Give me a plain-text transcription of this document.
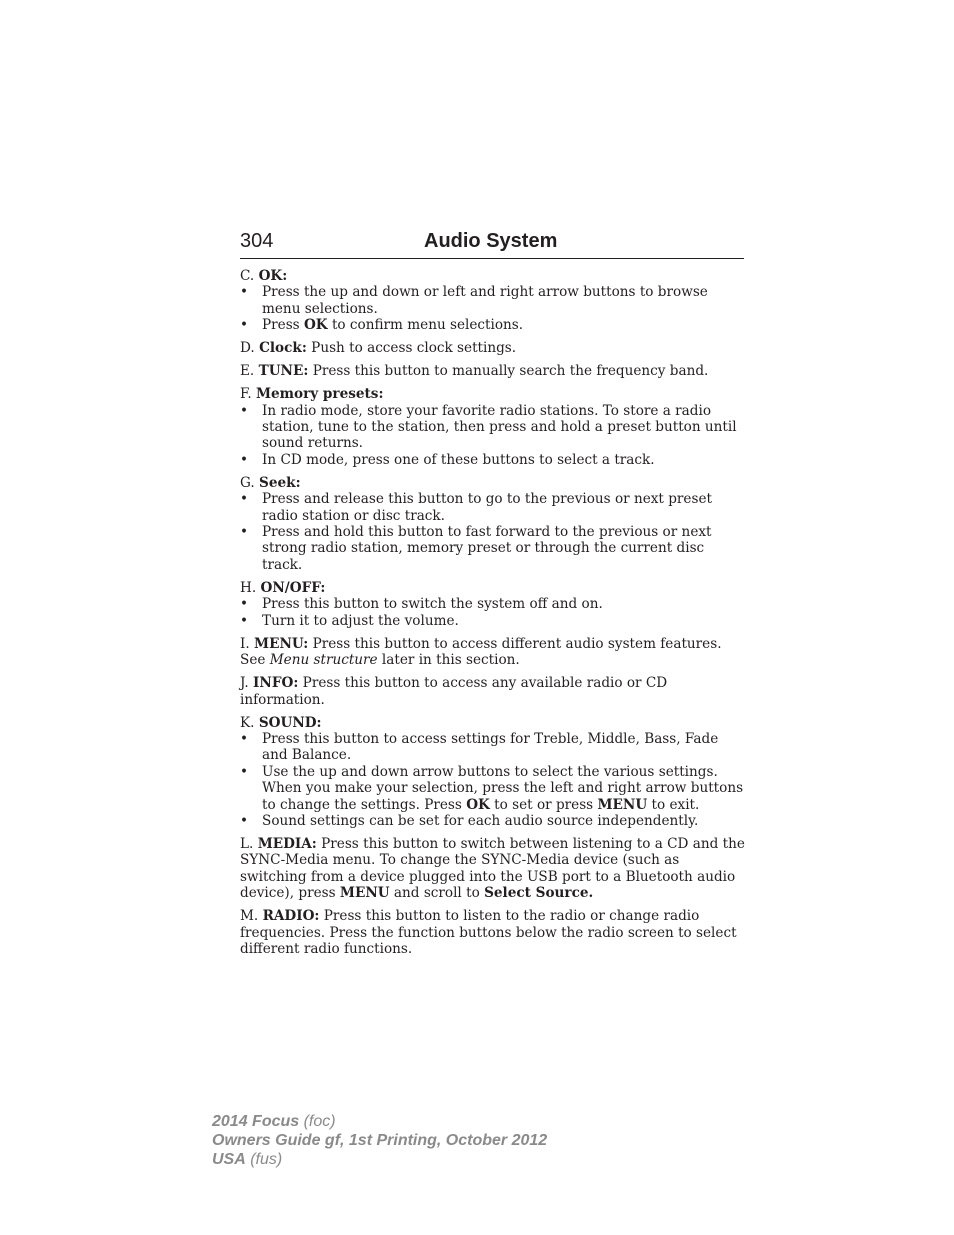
304	Audio System

C. OK:

• Press the up and down or left and right arrow buttons to browse menu selections.
• Press OK to confirm menu selections.

D. Clock: Push to access clock settings.

E. TUNE: Press this button to manually search the frequency band.

F. Memory presets:

• In radio mode, store your favorite radio stations. To store a radio station, tune to the station, then press and hold a preset button until sound returns.
• In CD mode, press one of these buttons to select a track.

G. Seek:

• Press and release this button to go to the previous or next preset radio station or disc track.
• Press and hold this button to fast forward to the previous or next strong radio station, memory preset or through the current disc track.

H. ON/OFF:

• Press this button to switch the system off and on.
• Turn it to adjust the volume.

I. MENU: Press this button to access different audio system features. See Menu structure later in this section.

J. INFO: Press this button to access any available radio or CD information.

K. SOUND:

• Press this button to access settings for Treble, Middle, Bass, Fade and Balance.
• Use the up and down arrow buttons to select the various settings. When you make your selection, press the left and right arrow buttons to change the settings. Press OK to set or press MENU to exit.
• Sound settings can be set for each audio source independently.

L. MEDIA: Press this button to switch between listening to a CD and the SYNC-Media menu. To change the SYNC-Media device (such as switching from a device plugged into the USB port to a Bluetooth audio device), press MENU and scroll to Select Source.

M. RADIO: Press this button to listen to the radio or change radio frequencies. Press the function buttons below the radio screen to select different radio functions.

2014 Focus (foc)
Owners Guide gf, 1st Printing, October 2012
USA (fus)
